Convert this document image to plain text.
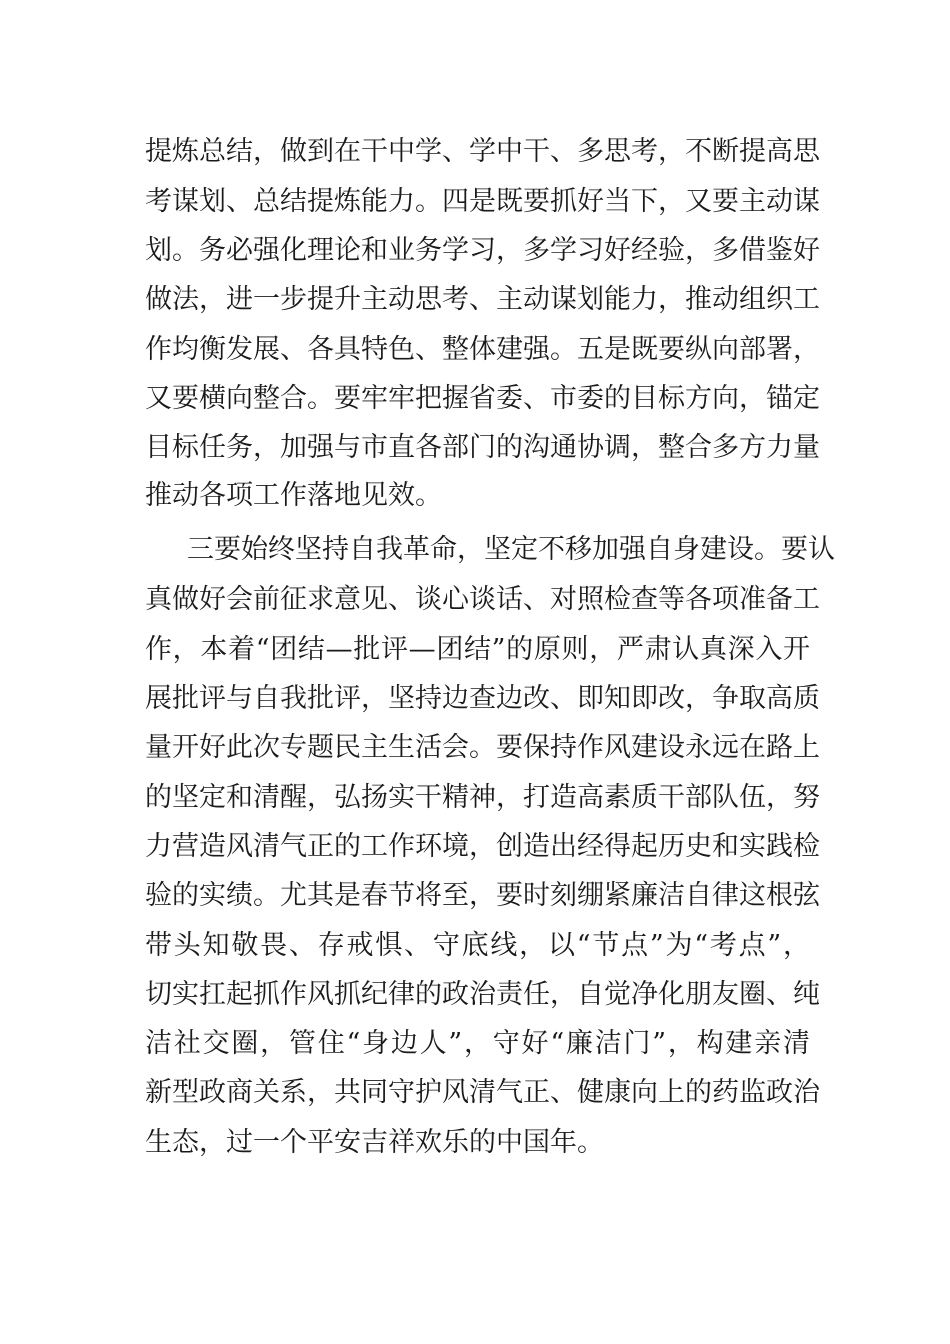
提炼总结，做到在干中学、学中干、多思考，不断提高思
考谋划、总结提炼能力。四是既要抓好当下，又要主动谋
划。务必强化理论和业务学习，多学习好经验，多借鉴好
做法，进一步提升主动思考、主动谋划能力，推动组织工
作均衡发展、各具特色、整体建强。五是既要纵向部署，
又要横向整合。要牢牢把握省委、市委的目标方向，锚定
目标任务，加强与市直各部门的沟通协调，整合多方力量
推动各项工作落地见效。
三要始终坚持自我革命，坚定不移加强自身建设。要认
真做好会前征求意见、谈心谈话、对照检查等各项准备工
作，本着“团结—批评—团结”的原则，严肃认真深入开
展批评与自我批评，坚持边查边改、即知即改，争取高质
量开好此次专题民主生活会。要保持作风建设永远在路上
的坚定和清醒，弘扬实干精神，打造高素质干部队伍，努
力营造风清气正的工作环境，创造出经得起历史和实践检
验的实绩。尤其是春节将至，要时刻绷紧廉洁自律这根弦
带头知敬畏、存戒惧、守底线，以“节点”为“考点”，
切实扛起抓作风抓纪律的政治责任，自觉净化朋友圈、纯
洁社交圈，管住“身边人”，守好“廉洁门”，构建亲清
新型政商关系，共同守护风清气正、健康向上的药监政治
生态，过一个平安吉祥欢乐的中国年。
